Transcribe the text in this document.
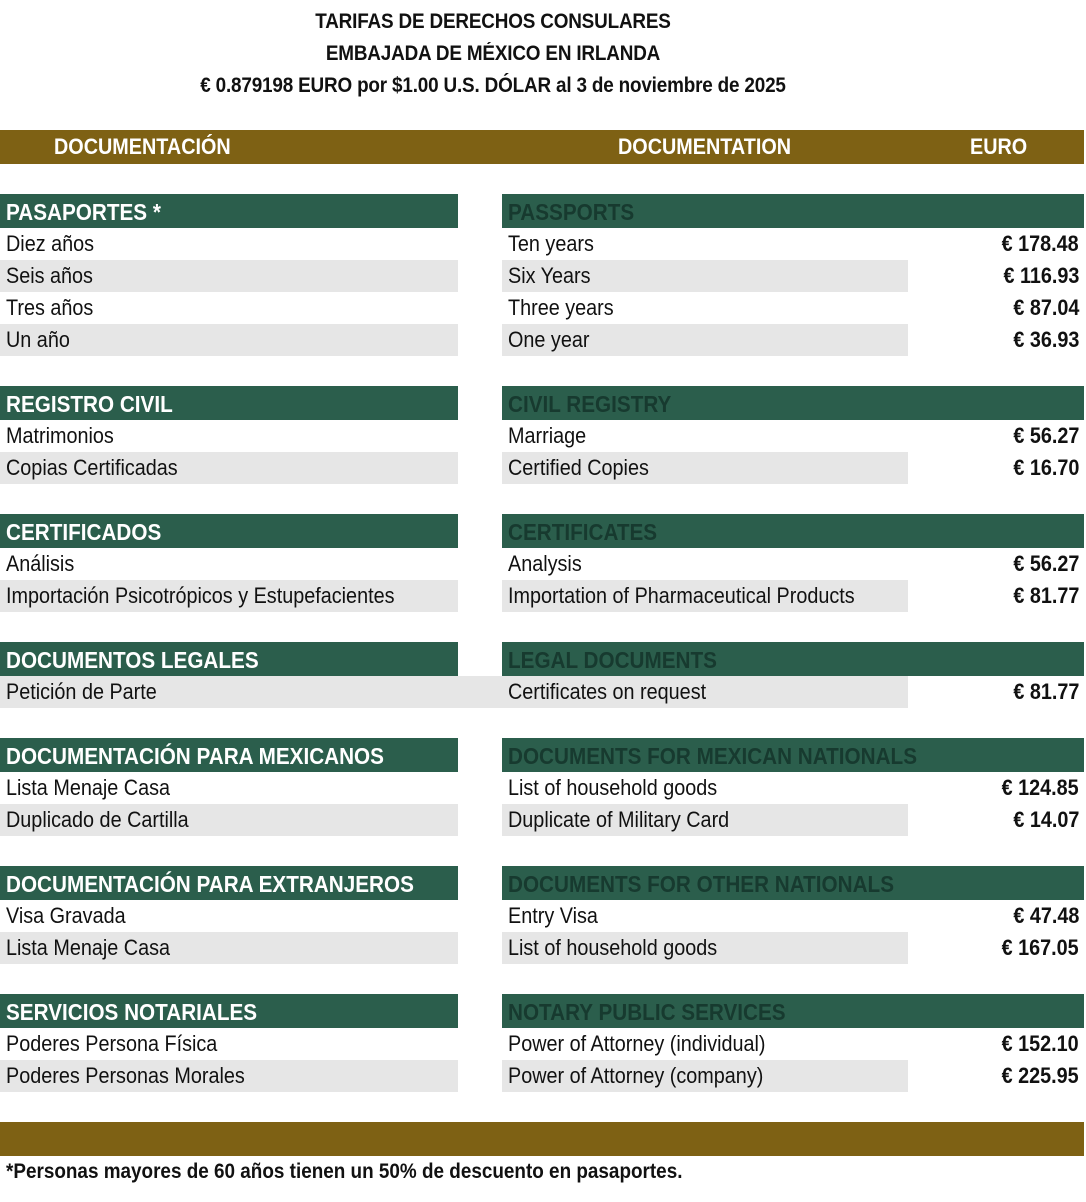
TARIFAS DE DERECHOS CONSULARES
EMBAJADA DE MÉXICO EN IRLANDA
€ 0.879198 EURO por $1.00 U.S. DÓLAR al 3 de noviembre de 2025
DOCUMENTACIÓN	DOCUMENTATION	EURO
PASAPORTES *	PASSPORTS
Diez años	Ten years	€ 178.48
Seis años	Six Years	€ 116.93
Tres años	Three years	€ 87.04
Un año	One year	€ 36.93
REGISTRO CIVIL	CIVIL REGISTRY
Matrimonios	Marriage	€ 56.27
Copias Certificadas	Certified Copies	€ 16.70
CERTIFICADOS	CERTIFICATES
Análisis	Analysis	€ 56.27
Importación Psicotrópicos y Estupefacientes	Importation of Pharmaceutical Products	€ 81.77
DOCUMENTOS LEGALES	LEGAL DOCUMENTS
Petición de Parte	Certificates on request	€ 81.77
DOCUMENTACIÓN PARA MEXICANOS	DOCUMENTS FOR MEXICAN NATIONALS
Lista Menaje Casa	List of household goods	€ 124.85
Duplicado de Cartilla	Duplicate of Military Card	€ 14.07
DOCUMENTACIÓN PARA EXTRANJEROS	DOCUMENTS FOR OTHER NATIONALS
Visa Gravada	Entry Visa	€ 47.48
Lista Menaje Casa	List of household goods	€ 167.05
SERVICIOS NOTARIALES	NOTARY PUBLIC SERVICES
Poderes Persona Física	Power of Attorney (individual)	€ 152.10
Poderes Personas Morales	Power of Attorney (company)	€ 225.95
*Personas mayores de 60 años tienen un 50% de descuento en pasaportes.
